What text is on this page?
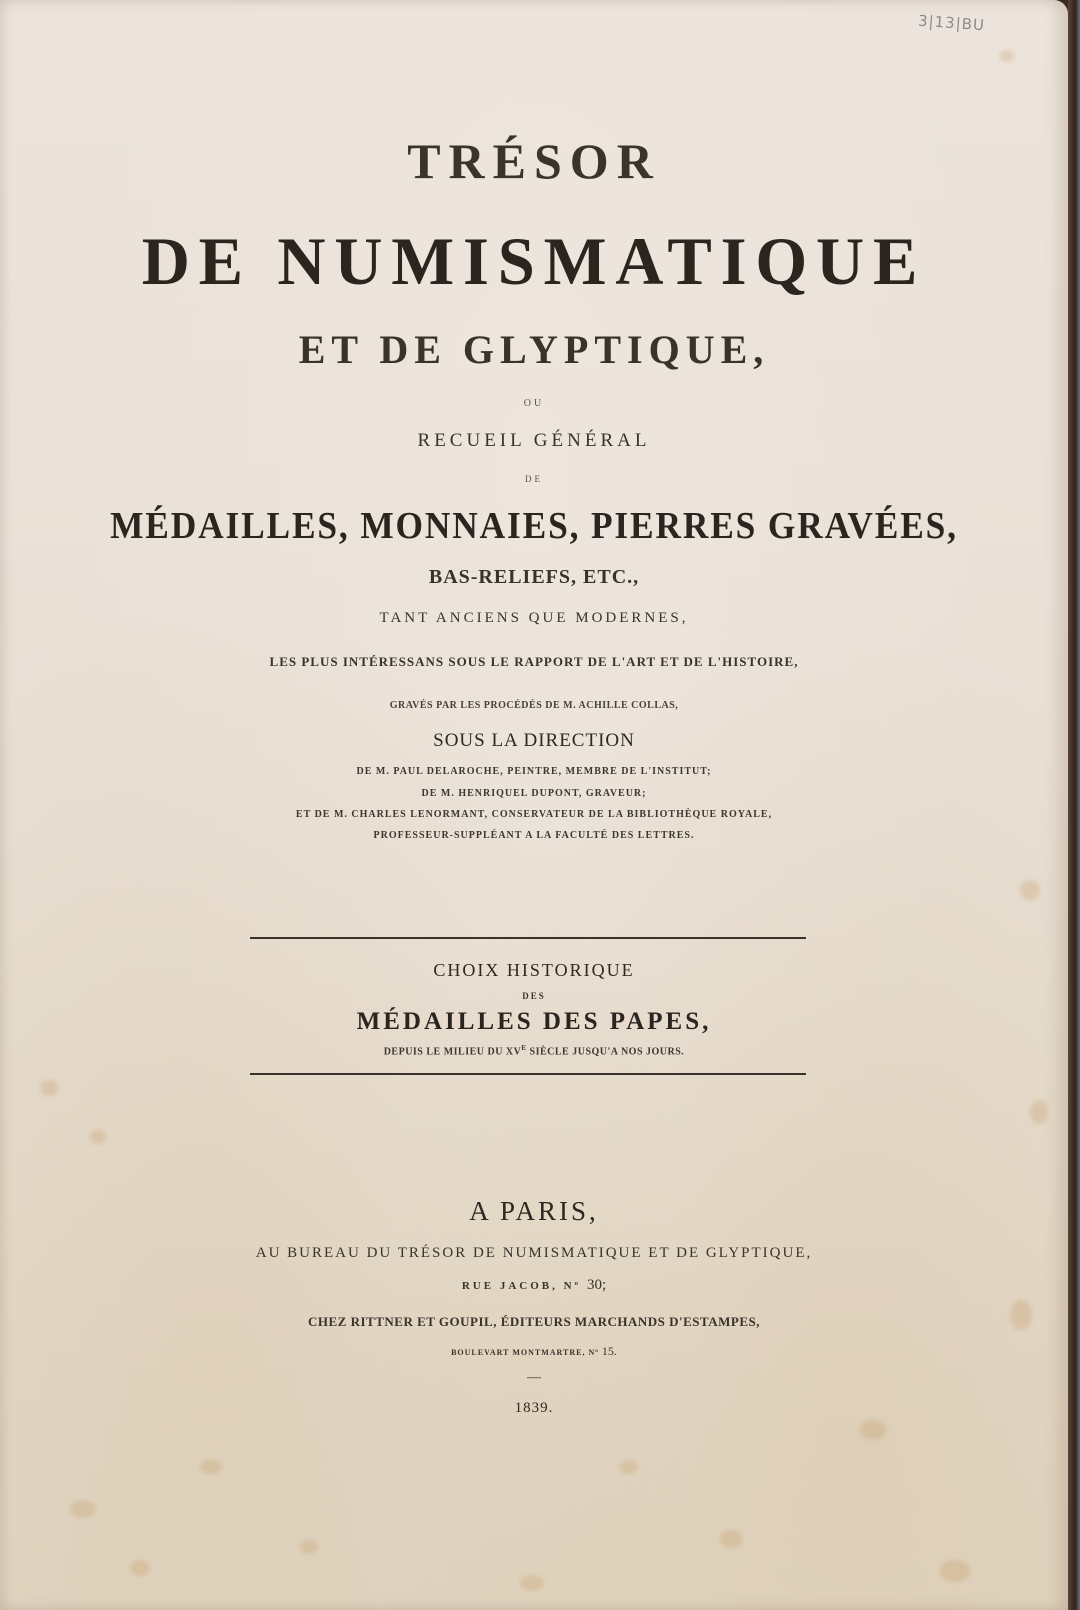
3|13|BU
TRÉSOR
DE NUMISMATIQUE
ET DE GLYPTIQUE,
OU
RECUEIL GÉNÉRAL
DE
MÉDAILLES, MONNAIES, PIERRES GRAVÉES,
BAS-RELIEFS, ETC.,
TANT ANCIENS QUE MODERNES,
LES PLUS INTÉRESSANS SOUS LE RAPPORT DE L'ART ET DE L'HISTOIRE,
GRAVÉS PAR LES PROCÉDÉS DE M. ACHILLE COLLAS,
SOUS LA DIRECTION
DE M. PAUL DELAROCHE, PEINTRE, MEMBRE DE L'INSTITUT;
DE M. HENRIQUEL DUPONT, GRAVEUR;
ET DE M. CHARLES LENORMANT, CONSERVATEUR DE LA BIBLIOTHÈQUE ROYALE,
PROFESSEUR-SUPPLÉANT A LA FACULTÉ DES LETTRES.
CHOIX HISTORIQUE
DES
MÉDAILLES DES PAPES,
DEPUIS LE MILIEU DU $XV^E$ SIÈCLE JUSQU'A NOS JOURS.
A PARIS,
AU BUREAU DU TRÉSOR DE NUMISMATIQUE ET DE GLYPTIQUE,
RUE JACOB, Nº 30;
CHEZ RITTNER ET GOUPIL, ÉDITEURS MARCHANDS D'ESTAMPES,
BOULEVART MONTMARTRE, Nº 15.
—
1839.
